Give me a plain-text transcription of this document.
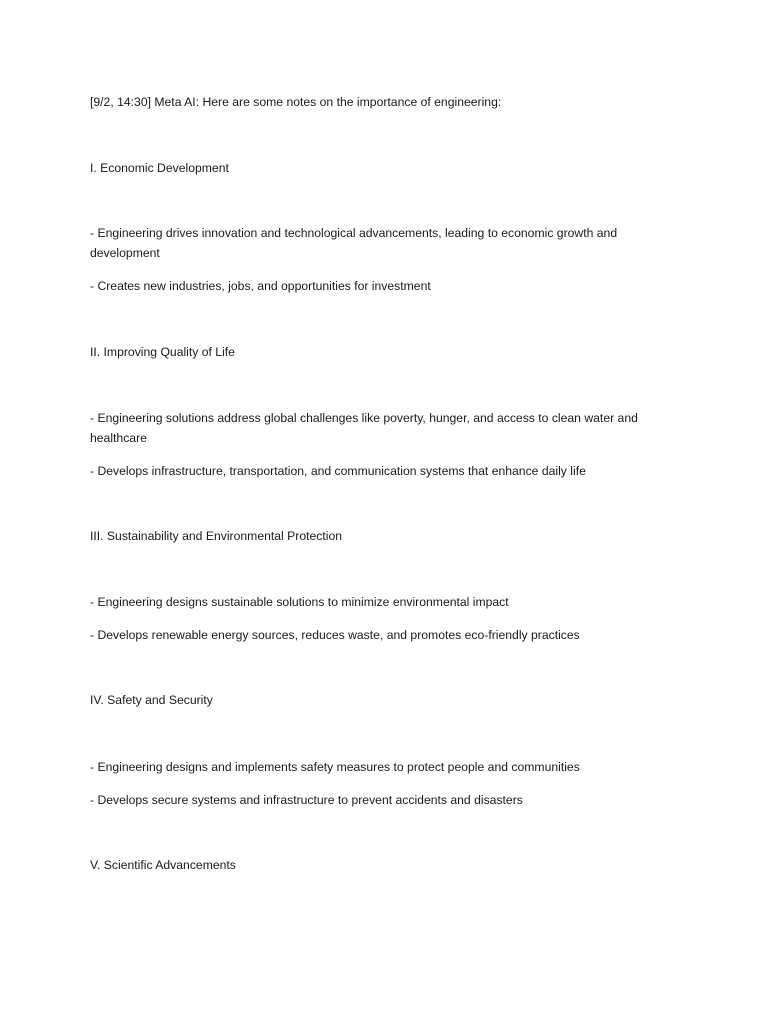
[9/2, 14:30] Meta AI: Here are some notes on the importance of engineering:
I. Economic Development
- Engineering drives innovation and technological advancements, leading to economic growth and development
- Creates new industries, jobs, and opportunities for investment
II. Improving Quality of Life
- Engineering solutions address global challenges like poverty, hunger, and access to clean water and healthcare
- Develops infrastructure, transportation, and communication systems that enhance daily life
III. Sustainability and Environmental Protection
- Engineering designs sustainable solutions to minimize environmental impact
- Develops renewable energy sources, reduces waste, and promotes eco-friendly practices
IV. Safety and Security
- Engineering designs and implements safety measures to protect people and communities
- Develops secure systems and infrastructure to prevent accidents and disasters
V. Scientific Advancements
